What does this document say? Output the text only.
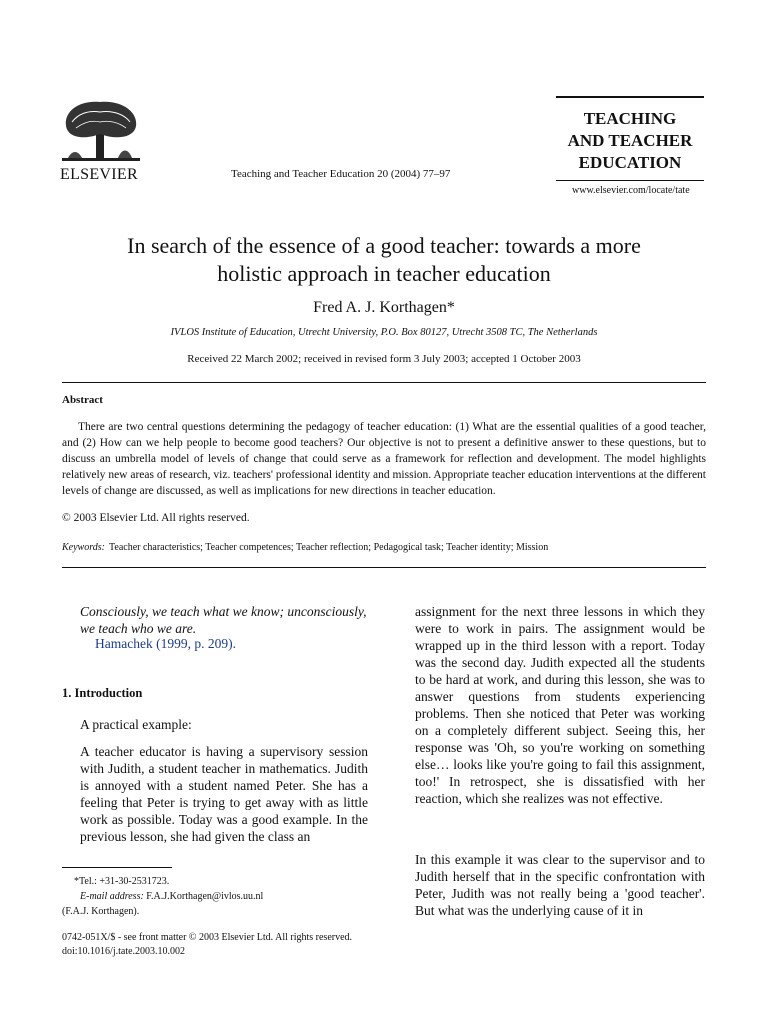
ELSEVIER	Teaching and Teacher Education 20 (2004) 77–97
TEACHING
AND TEACHER
EDUCATION
www.elsevier.com/locate/tate
In search of the essence of a good teacher: towards a more
holistic approach in teacher education
Fred A. J. Korthagen*
IVLOS Institute of Education, Utrecht University, P.O. Box 80127, Utrecht 3508 TC, The Netherlands
Received 22 March 2002; received in revised form 3 July 2003; accepted 1 October 2003
Abstract

There are two central questions determining the pedagogy of teacher education: (1) What are the essential qualities of a good teacher, and (2) How can we help people to become good teachers? Our objective is not to present a definitive answer to these questions, but to discuss an umbrella model of levels of change that could serve as a framework for reflection and development. The model highlights relatively new areas of research, viz. teachers' professional identity and mission. Appropriate teacher education interventions at the different levels of change are discussed, as well as implications for new directions in teacher education.

© 2003 Elsevier Ltd. All rights reserved.
Keywords: Teacher characteristics; Teacher competences; Teacher reflection; Pedagogical task; Teacher identity; Mission
Consciously, we teach what we know; unconsciously, we teach who we are.
Hamachek (1999, p. 209).
1. Introduction
A practical example:
A teacher educator is having a supervisory session with Judith, a student teacher in mathematics. Judith is annoyed with a student named Peter. She has a feeling that Peter is trying to get away with as little work as possible. Today was a good example. In the previous lesson, she had given the class an
*Tel.: +31-30-2531723.
E-mail address: F.A.J.Korthagen@ivlos.uu.nl
(F.A.J. Korthagen).
0742-051X/$ - see front matter © 2003 Elsevier Ltd. All rights reserved.
doi:10.1016/j.tate.2003.10.002
assignment for the next three lessons in which they were to work in pairs. The assignment would be wrapped up in the third lesson with a report. Today was the second day. Judith expected all the students to be hard at work, and during this lesson, she was to answer questions from students experiencing problems. Then she noticed that Peter was working on a completely different subject. Seeing this, her response was 'Oh, so you're working on something else… looks like you're going to fail this assignment, too!' In retrospect, she is dissatisfied with her reaction, which she realizes was not effective.
In this example it was clear to the supervisor and to Judith herself that in the specific confrontation with Peter, Judith was not really being a 'good teacher'. But what was the underlying cause of it in
